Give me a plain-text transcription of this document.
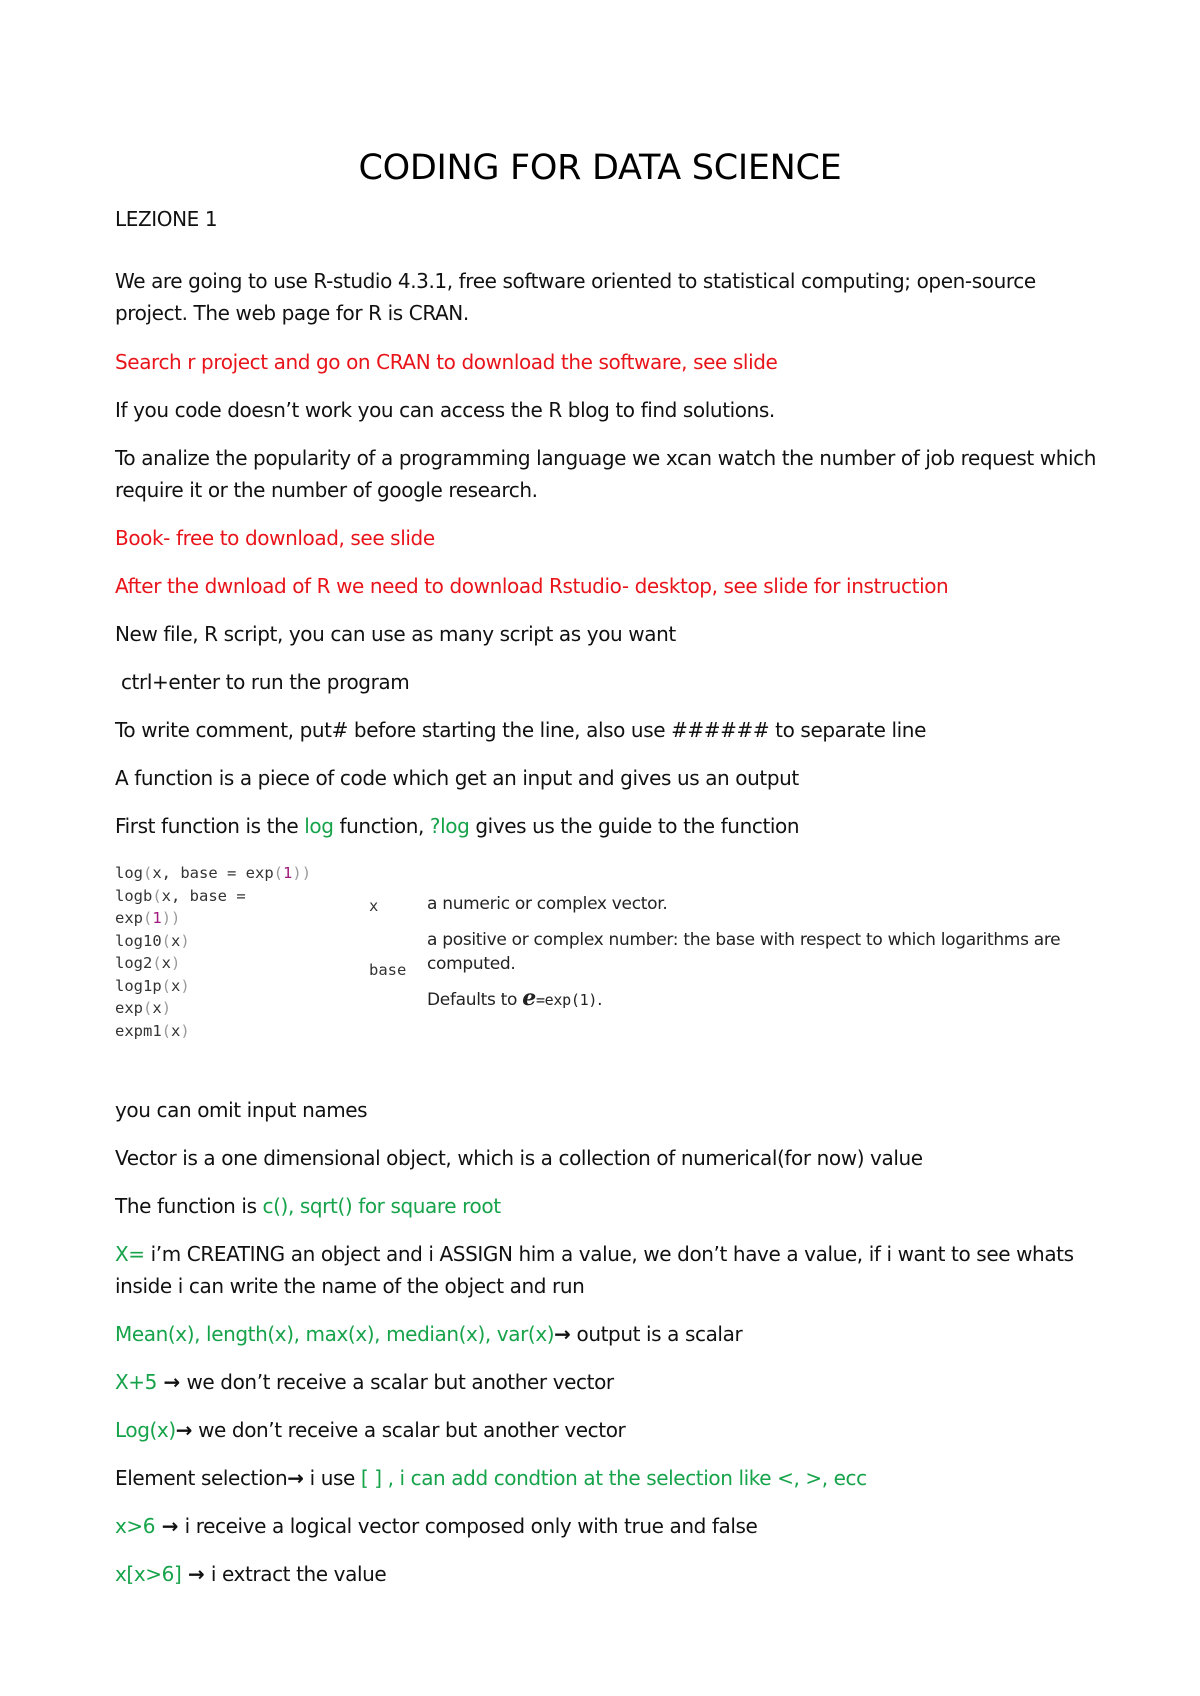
CODING FOR DATA SCIENCE

LEZIONE 1

We are going to use R-studio 4.3.1, free software oriented to statistical computing; open-source project. The web page for R is CRAN.

Search r project and go on CRAN to download the software, see slide

If you code doesn’t work you can access the R blog to find solutions.

To analize the popularity of a programming language we xcan watch the number of job request which require it or the number of google research.

Book- free to download, see slide

After the dwnload of R we need to download Rstudio- desktop, see slide for instruction

New file, R script, you can use as many script as you want

ctrl+enter to run the program

To write comment, put# before starting the line, also use ###### to separate line

A function is a piece of code which get an input and gives us an output

First function is the log function, ?log gives us the guide to the function

log(x, base = exp(1))
logb(x, base =
exp(1))
log10(x)
log2(x)
log1p(x)
exp(x)
expm1(x)
x	a numeric or complex vector.
base
a positive or complex number: the base with respect to which logarithms are computed.
Defaults to e=exp(1).

you can omit input names

Vector is a one dimensional object, which is a collection of numerical(for now) value

The function is c(), sqrt() for square root

X= i’m CREATING an object and i ASSIGN him a value, we don’t have a value, if i want to see whats inside i can write the name of the object and run

Mean(x), length(x), max(x), median(x), var(x)→ output is a scalar

X+5 → we don’t receive a scalar but another vector

Log(x)→ we don’t receive a scalar but another vector

Element selection→ i use [ ] , i can add condtion at the selection like <, >, ecc

x>6 → i receive a logical vector composed only with true and false

x[x>6] → i extract the value
